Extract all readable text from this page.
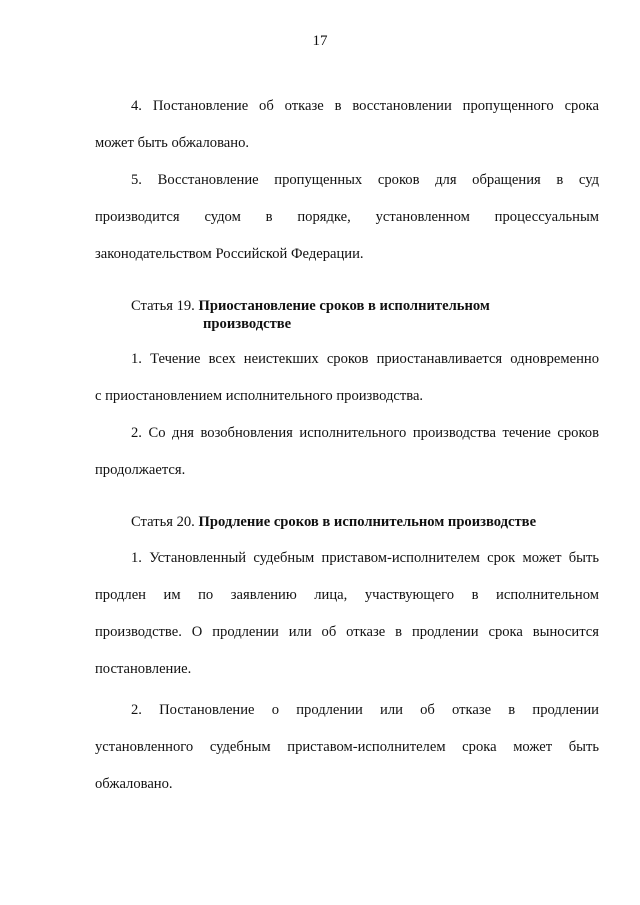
17
4. Постановление об отказе в восстановлении пропущенного срока
может быть обжаловано.
5. Восстановление пропущенных сроков для обращения в суд
производится судом в порядке, установленном процессуальным
законодательством Российской Федерации.
Статья 19. Приостановление сроков в исполнительном
производстве
1. Течение всех неистекших сроков приостанавливается одновременно
с приостановлением исполнительного производства.
2. Со дня возобновления исполнительного производства течение сроков
продолжается.
Статья 20. Продление сроков в исполнительном производстве
1. Установленный судебным приставом-исполнителем срок может быть
продлен им по заявлению лица, участвующего в исполнительном
производстве. О продлении или об отказе в продлении срока выносится
постановление.
2. Постановление о продлении или об отказе в продлении
установленного судебным приставом-исполнителем срока может быть
обжаловано.
